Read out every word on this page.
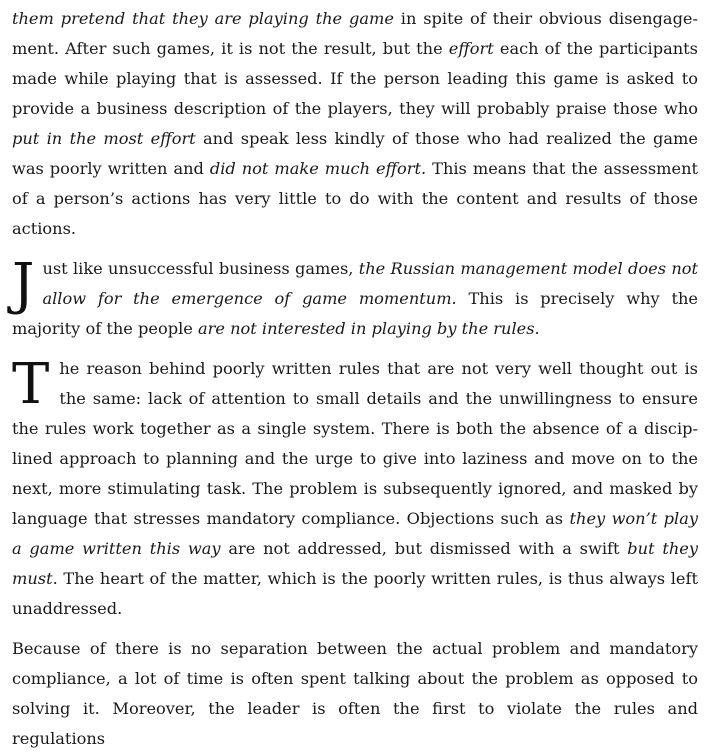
them pretend that they are playing the game in spite of their obvious disengagement. After such games, it is not the result, but the effort each of the participants made while playing that is assessed. If the person leading this game is asked to provide a business description of the players, they will probably praise those who put in the most effort and speak less kindly of those who had realized the game was poorly written and did not make much effort. This means that the assessment of a person’s actions has very little to do with the content and results of those actions.

Just like unsuccessful business games, the Russian management model does not allow for the emergence of game momentum. This is precisely why the majority of the people are not interested in playing by the rules.

The reason behind poorly written rules that are not very well thought out is the same: lack of attention to small details and the unwillingness to ensure the rules work together as a single system. There is both the absence of a disciplined approach to planning and the urge to give into laziness and move on to the next, more stimulating task. The problem is subsequently ignored, and masked by language that stresses mandatory compliance. Objections such as they won’t play a game written this way are not addressed, but dismissed with a swift but they must. The heart of the matter, which is the poorly written rules, is thus always left unaddressed.

Because of there is no separation between the actual problem and mandatory compliance, a lot of time is often spent talking about the problem as opposed to solving it. Moreover, the leader is often the first to violate the rules and regulations
